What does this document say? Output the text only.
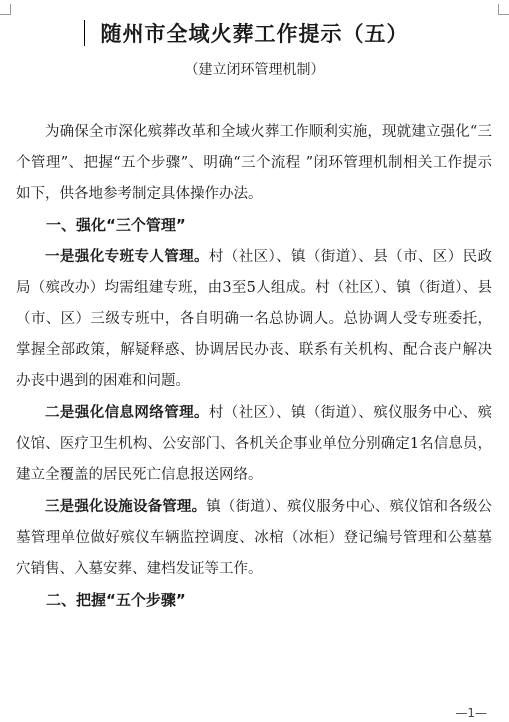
随州市全域火葬工作提示（五）

（建立闭环管理机制）

为确保全市深化殡葬改革和全域火葬工作顺利实施，现就建立强化“三个管理”、把握“五个步骤”、明确“三个流程 ”闭环管理机制相关工作提示如下，供各地参考制定具体操作办法。

一、强化“三个管理”

一是强化专班专人管理。村（社区）、镇（街道）、县（市、区）民政局（殡改办）均需组建专班，由3至5人组成。村（社区）、镇（街道）、县（市、区）三级专班中，各自明确一名总协调人。总协调人受专班委托，掌握全部政策，解疑释惑、协调居民办丧、联系有关机构、配合丧户解决办丧中遇到的困难和问题。

二是强化信息网络管理。村（社区）、镇（街道）、殡仪服务中心、殡仪馆、医疗卫生机构、公安部门、各机关企事业单位分别确定1名信息员，建立全覆盖的居民死亡信息报送网络。

三是强化设施设备管理。镇（街道）、殡仪服务中心、殡仪馆和各级公墓管理单位做好殡仪车辆监控调度、冰棺（冰柜）登记编号管理和公墓墓穴销售、入墓安葬、建档发证等工作。

二、把握“五个步骤”
—1—
